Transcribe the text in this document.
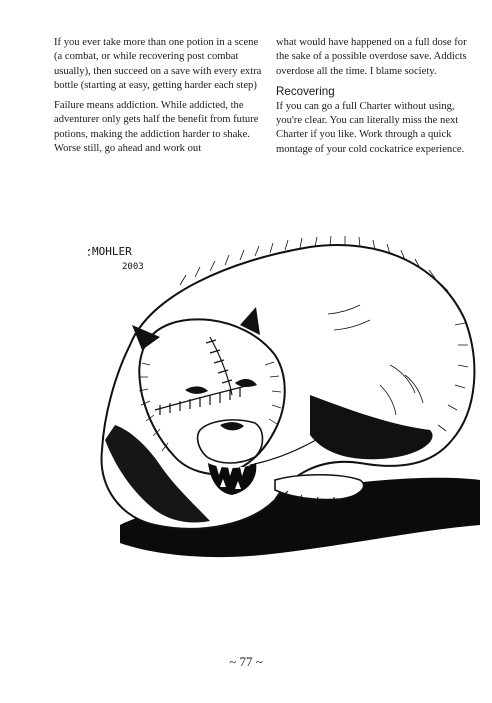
If you ever take more than one potion in a scene (a combat, or while recovering post combat usually), then succeed on a save with every extra bottle (starting at easy, getting harder each step)

Failure means addiction. While addicted, the adventurer only gets half the benefit from future potions, making the addiction harder to shake. Worse still, go ahead and work out

what would have happened on a full dose for the sake of a possible overdose save. Addicts overdose all the time. I blame society.

Recovering

If you can go a full Charter without using, you're clear. You can literally miss the next Charter if you like. Work through a quick montage of your cold cockatrice experience.

MOHLER
2003
~ 77 ~
